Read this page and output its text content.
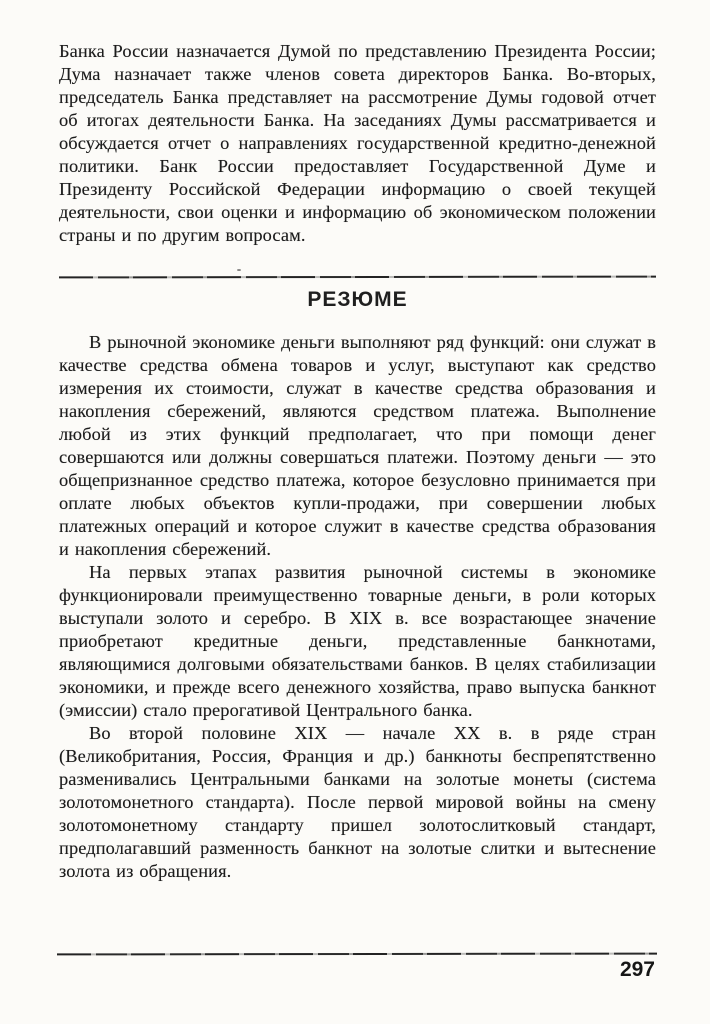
Банка России назначается Думой по представлению Президента России; Дума назначает также членов совета директоров Банка. Во-вторых, председатель Банка представляет на рассмотрение Думы годовой отчет об итогах деятельности Банка. На заседаниях Думы рассматривается и обсуждается отчет о направлениях государственной кредитно-денежной политики. Банк России предоставляет Государственной Думе и Президенту Российской Федерации информацию о своей текущей деятельности, свои оценки и информацию об экономическом положении страны и по другим вопросам.

РЕЗЮМЕ

В рыночной экономике деньги выполняют ряд функций: они служат в качестве средства обмена товаров и услуг, выступают как средство измерения их стоимости, служат в качестве средства образования и накопления сбережений, являются средством платежа. Выполнение любой из этих функций предполагает, что при помощи денег совершаются или должны совершаться платежи. Поэтому деньги — это общепризнанное средство платежа, которое безусловно принимается при оплате любых объектов купли-продажи, при совершении любых платежных операций и которое служит в качестве средства образования и накопления сбережений.

На первых этапах развития рыночной системы в экономике функционировали преимущественно товарные деньги, в роли которых выступали золото и серебро. В XIX в. все возрастающее значение приобретают кредитные деньги, представленные банкнотами, являющимися долговыми обязательствами банков. В целях стабилизации экономики, и прежде всего денежного хозяйства, право выпуска банкнот (эмиссии) стало прерогативой Центрального банка.

Во второй половине XIX — начале XX в. в ряде стран (Великобритания, Россия, Франция и др.) банкноты беспрепятственно разменивались Центральными банками на золотые монеты (система золотомонетного стандарта). После первой мировой войны на смену золотомонетному стандарту пришел золотослитковый стандарт, предполагавший разменность банкнот на золотые слитки и вытеснение золота из обращения.

297
